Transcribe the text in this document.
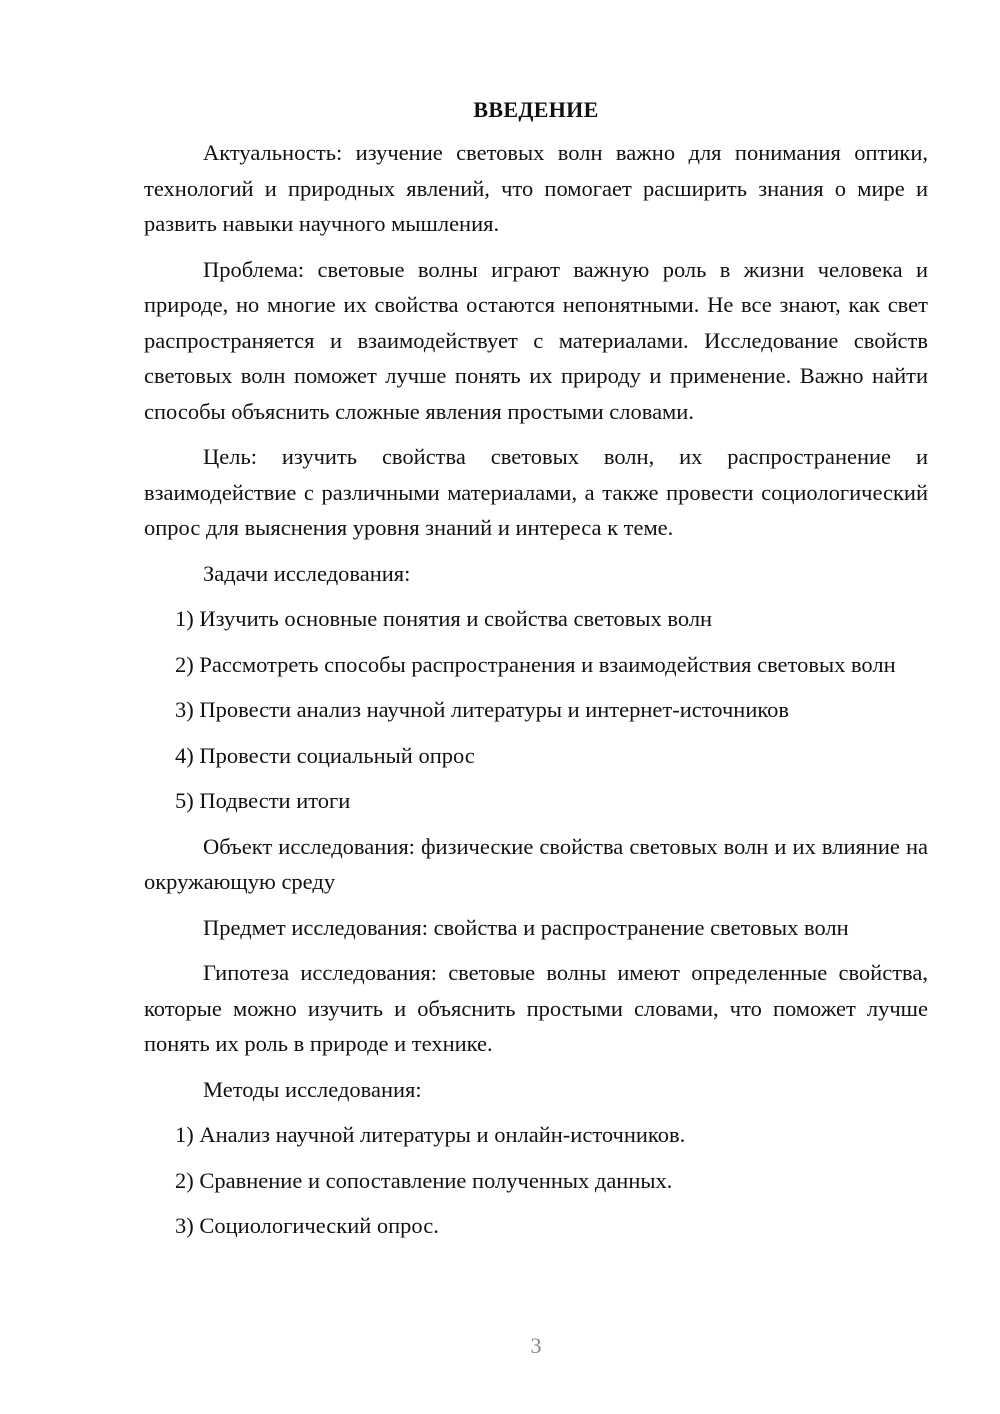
ВВЕДЕНИЕ

Актуальность: изучение световых волн важно для понимания оптики, технологий и природных явлений, что помогает расширить знания о мире и развить навыки научного мышления.

Проблема: световые волны играют важную роль в жизни человека и природе, но многие их свойства остаются непонятными. Не все знают, как свет распространяется и взаимодействует с материалами. Исследование свойств световых волн поможет лучше понять их природу и применение. Важно найти способы объяснить сложные явления простыми словами.

Цель: изучить свойства световых волн, их распространение и взаимодействие с различными материалами, а также провести социологический опрос для выяснения уровня знаний и интереса к теме.

Задачи исследования:

1) Изучить основные понятия и свойства световых волн

2) Рассмотреть способы распространения и взаимодействия световых волн

3) Провести анализ научной литературы и интернет-источников

4) Провести социальный опрос

5) Подвести итоги

Объект исследования: физические свойства световых волн и их влияние на окружающую среду

Предмет исследования: свойства и распространение световых волн

Гипотеза исследования: световые волны имеют определенные свойства, которые можно изучить и объяснить простыми словами, что поможет лучше понять их роль в природе и технике.

Методы исследования:

1) Анализ научной литературы и онлайн-источников.

2) Сравнение и сопоставление полученных данных.

3) Социологический опрос.

3
